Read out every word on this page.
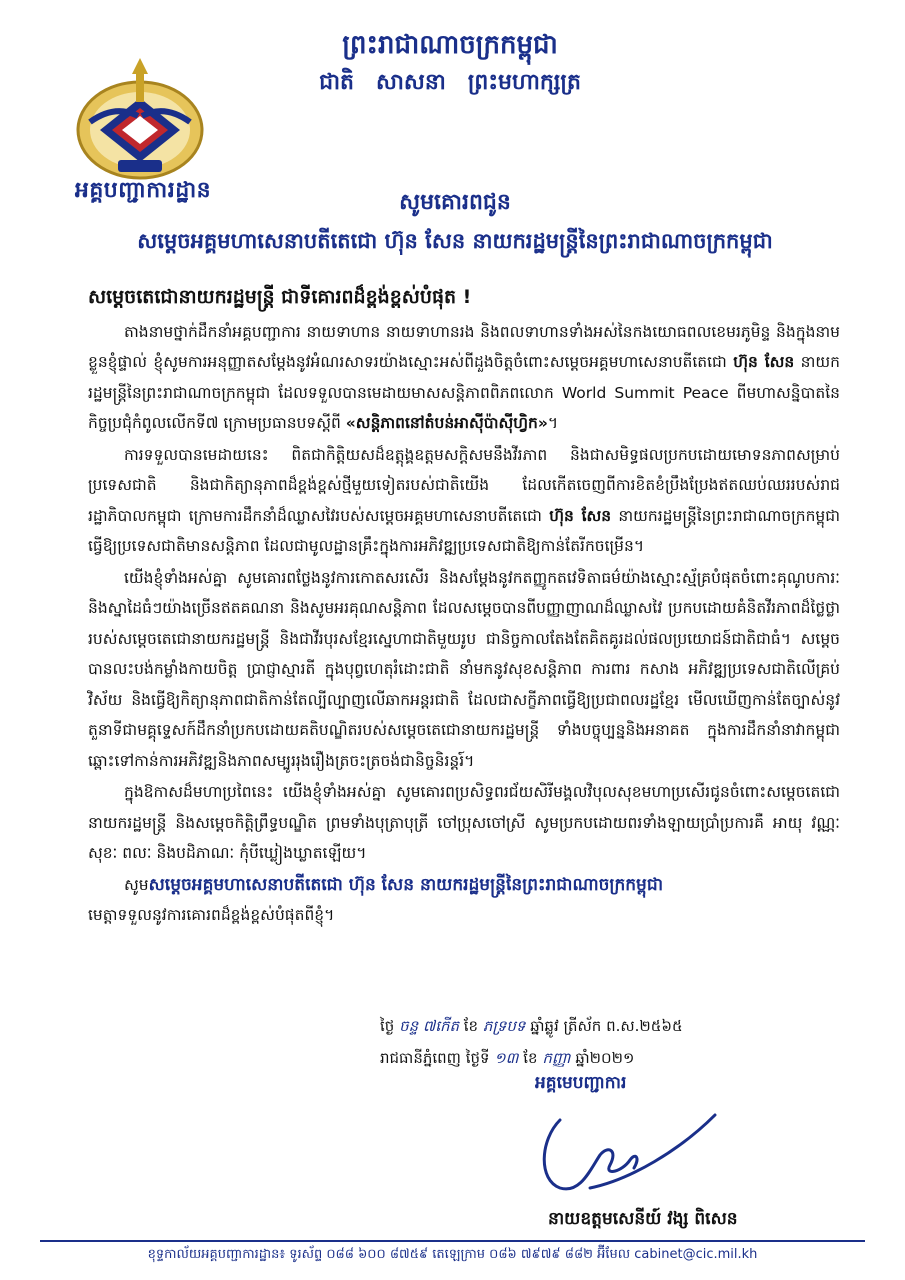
អគ្គបញ្ជាការដ្ឋាន
ព្រះរាជាណាចក្រកម្ពុជា
ជាតិ សាសនា ព្រះមហាក្សត្រ
សូមគោរពជូន
សម្តេចអគ្គមហាសេនាបតីតេជោ ហ៊ុន សែន នាយករដ្ឋមន្ត្រីនៃព្រះរាជាណាចក្រកម្ពុជា
សម្តេចតេជោនាយករដ្ឋមន្ត្រី ជាទីគោរពដ៏ខ្ពង់ខ្ពស់បំផុត !

តាងនាមថ្នាក់ដឹកនាំអគ្គបញ្ជាការ នាយទាហាន នាយទាហានរង និងពលទាហានទាំងអស់នៃកងយោធពលខេមរភូមិន្ទ និងក្នុងនាមខ្លួនខ្ញុំផ្ទាល់ ខ្ញុំសូមការអនុញ្ញាតសម្តែងនូវអំណរសាទរយ៉ាងស្មោះអស់ពីដួងចិត្តចំពោះសម្តេចអគ្គមហាសេនាបតីតេជោ ហ៊ុន សែន នាយករដ្ឋមន្ត្រីនៃព្រះរាជាណាចក្រកម្ពុជា ដែលទទួលបានមេដាយមាសសន្តិភាពពិភពលោក World Summit Peace ពីមហាសន្និបាតនៃកិច្ចប្រជុំកំពូលលើកទី៧ ក្រោមប្រធានបទស្តីពី «សន្តិភាពនៅតំបន់អាស៊ីប៉ាស៊ីហ្វិក»។

ការទទួលបានមេដាយនេះ ពិតជាកិត្តិយសដ៏ឧត្តុង្គឧត្តមសក្តិសមនឹងវីរភាព និងជាសមិទ្ធផលប្រកបដោយមោទនភាពសម្រាប់ប្រទេសជាតិ និងជាកិត្យានុភាពដ៏ខ្ពង់ខ្ពស់ថ្មីមួយទៀតរបស់ជាតិយើង ដែលកើតចេញពីការខិតខំប្រឹងប្រែងឥតឈប់ឈររបស់រាជរដ្ឋាភិបាលកម្ពុជា ក្រោមការដឹកនាំដ៏ឈ្លាសវៃរបស់សម្តេចអគ្គមហាសេនាបតីតេជោ ហ៊ុន សែន នាយករដ្ឋមន្ត្រីនៃព្រះរាជាណាចក្រកម្ពុជា ធ្វើឱ្យប្រទេសជាតិមានសន្តិភាព ដែលជាមូលដ្ឋានគ្រឹះក្នុងការអភិវឌ្ឍប្រទេសជាតិឱ្យកាន់តែរីកចម្រើន។

យើងខ្ញុំទាំងអស់គ្នា សូមគោរពថ្លែងនូវការកោតសរសើរ និងសម្តែងនូវកតញ្ញូកតវេទិតាធម៌យ៉ាងស្មោះស្ម័គ្របំផុតចំពោះគុណូបការៈនិងស្នាដៃធំៗយ៉ាងច្រើនឥតគណនា និងសូមអរគុណសន្តិភាព ដែលសម្តេចបានពីបញ្ញាញាណដ៏ឈ្លាសវៃ ប្រកបដោយគំនិតវីរភាពដ៏ថ្លៃថ្លារបស់សម្តេចតេជោនាយករដ្ឋមន្ត្រី និងជាវីរបុរសខ្មែរស្នេហាជាតិមួយរូប ជានិច្ចកាលតែងតែគិតគូរដល់ផលប្រយោជន៍ជាតិជាធំ។ សម្តេចបានលះបង់កម្លាំងកាយចិត្ត ប្រាជ្ញាស្មារតី ក្នុងបុព្វហេតុរំដោះជាតិ នាំមកនូវសុខសន្តិភាព ការពារ កសាង អភិវឌ្ឍប្រទេសជាតិលើគ្រប់វិស័យ និងធ្វើឱ្យកិត្យានុភាពជាតិកាន់តែល្បីល្បាញលើឆាកអន្តរជាតិ ដែលជាសក្ខីភាពធ្វើឱ្យប្រជាពលរដ្ឋខ្មែរ មើលឃើញកាន់តែច្បាស់នូវតួនាទីជាមគ្គុទ្ទេសក៍ដឹកនាំប្រកបដោយគតិបណ្ឌិតរបស់សម្តេចតេជោនាយករដ្ឋមន្ត្រី ទាំងបច្ចុប្បន្ននិងអនាគត ក្នុងការដឹកនាំនាវាកម្ពុជា ឆ្ពោះទៅកាន់ការអភិវឌ្ឍនិងភាពសម្បូររុងរឿងត្រចះត្រចង់ជានិច្ចនិរន្តរ៍។

ក្នុងឱកាសដ៏មហាប្រពៃនេះ យើងខ្ញុំទាំងអស់គ្នា សូមគោរពប្រសិទ្ធពរជ័យសិរីមង្គលវិបុលសុខមហាប្រសើរជូនចំពោះសម្តេចតេជោនាយករដ្ឋមន្ត្រី និងសម្តេចកិត្តិព្រឹទ្ធបណ្ឌិត ព្រមទាំងបុត្រាបុត្រី ចៅប្រុសចៅស្រី សូមប្រកបដោយពរទាំងឡាយប្រាំប្រការគឺ អាយុ វណ្ណៈ សុខៈ ពលៈ និងបដិភាណៈ កុំបីឃ្លៀងឃ្លាតឡើយ។

សូមសម្តេចអគ្គមហាសេនាបតីតេជោ ហ៊ុន សែន នាយករដ្ឋមន្ត្រីនៃព្រះរាជាណាចក្រកម្ពុជា
មេត្តាទទួលនូវការគោរពដ៏ខ្ពង់ខ្ពស់បំផុតពីខ្ញុំ។

ថ្ងៃ ចន្ទ ៧កើត ខែ ភទ្របទ ឆ្នាំឆ្លូវ ត្រីស័ក ព.ស.២៥៦៥
រាជធានីភ្នំពេញ ថ្ងៃទី ១៣ ខែ កញ្ញា ឆ្នាំ២០២១
អគ្គមេបញ្ជាការ
នាយឧត្តមសេនីយ៍ វង្ស ពិសេន
ខុទ្ទកាល័យអគ្គបញ្ជាការដ្ឋាន៖ ទូរស័ព្ទ ០៨៨ ៦០០ ៨៧៥៩ តេឡេក្រាម ០៨៦ ៧៩៧៩ ៨៨២ អ៊ីមែល cabinet@cic.mil.kh
